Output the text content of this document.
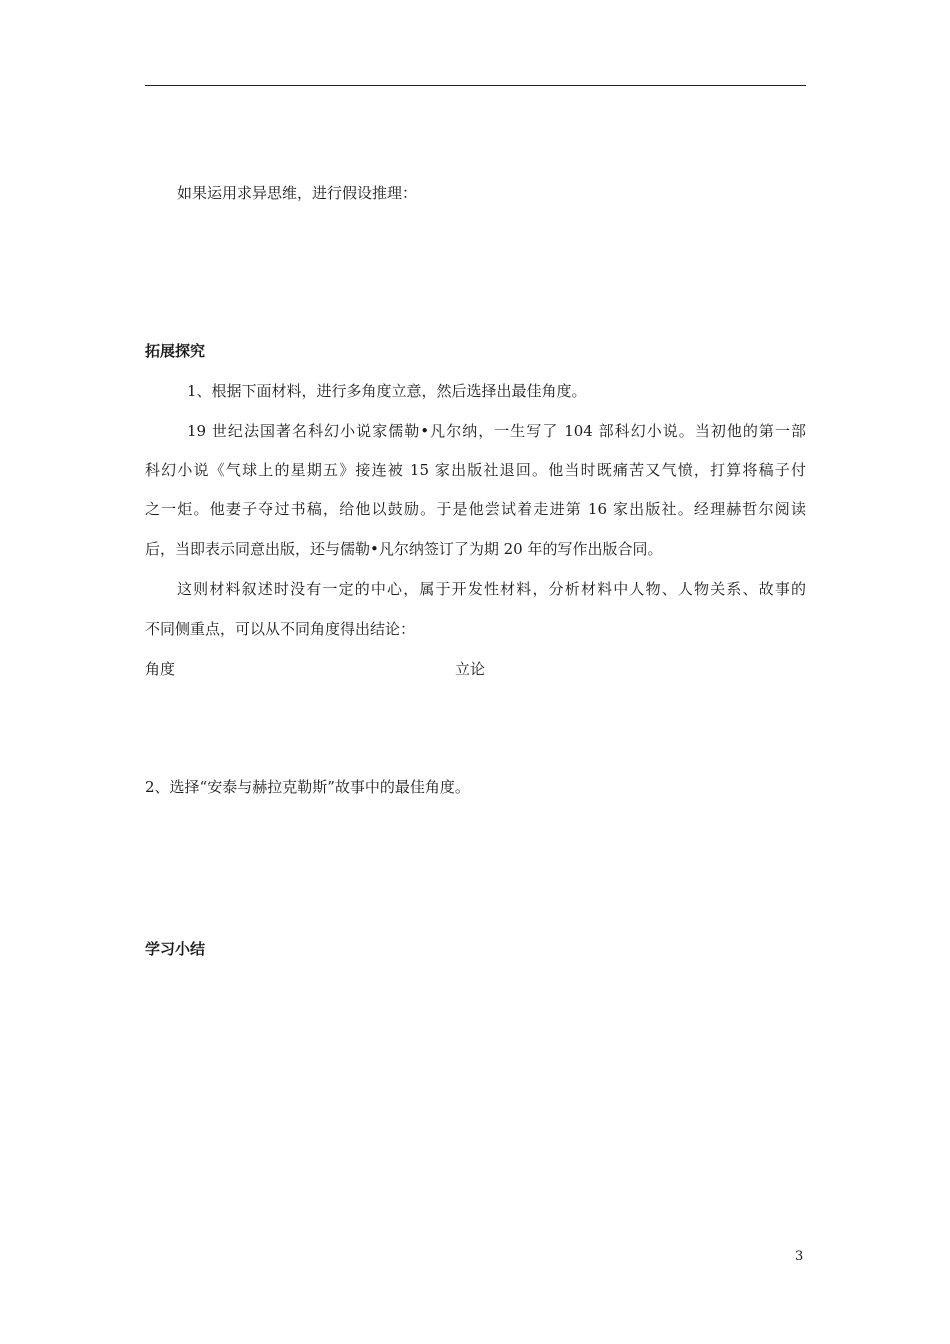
如果运用求异思维，进行假设推理：
拓展探究
1、根据下面材料，进行多角度立意，然后选择出最佳角度。
19 世纪法国著名科幻小说家儒勒•凡尔纳，一生写了 104 部科幻小说。当初他的第一部
科幻小说《气球上的星期五》接连被 15 家出版社退回。他当时既痛苦又气愤，打算将稿子付
之一炬。他妻子夺过书稿，给他以鼓励。于是他尝试着走进第 16 家出版社。经理赫哲尔阅读
后，当即表示同意出版，还与儒勒•凡尔纳签订了为期 20 年的写作出版合同。
这则材料叙述时没有一定的中心，属于开发性材料，分析材料中人物、人物关系、故事的
不同侧重点，可以从不同角度得出结论：
角度	立论
2、选择“安泰与赫拉克勒斯”故事中的最佳角度。
学习小结
3
